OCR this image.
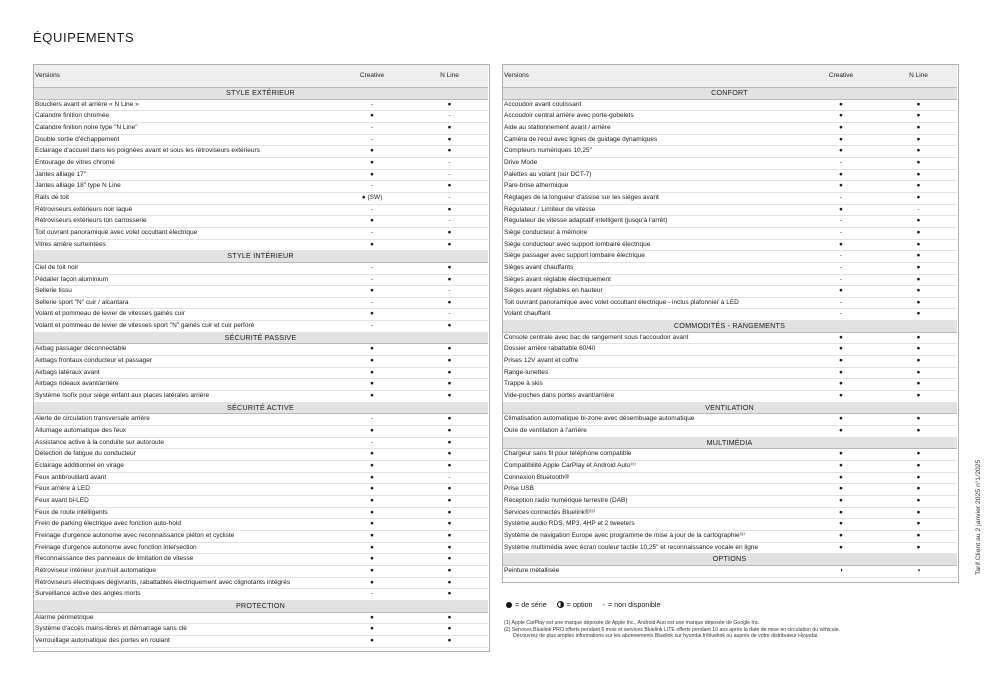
ÉQUIPEMENTS
Versions	Creative	N Line
STYLE EXTÉRIEUR		
Boucliers avant et arrière « N Line »	-	●
Calandre finition chromée	●	-
Calandre finition noire type "N Line"	-	●
Double sortie d'échappement	-	●
Eclairage d'accueil dans les poignées avant et sous les rétroviseurs extérieurs	●	●
Entourage de vitres chromé	●	-
Jantes alliage 17"	●	-
Jantes alliage 18" type N Line	-	●
Rails de toit	● (SW)	-
Rétroviseurs extérieurs noir laqué	-	●
Rétroviseurs extérieurs ton carrosserie	●	-
Toit ouvrant panoramique avec volet occultant électrique	-	●
Vitres arrière surteintées	●	●
STYLE INTÉRIEUR		
Ciel de toit noir	-	●
Pédalier façon aluminium	-	●
Sellerie tissu	●	-
Sellerie sport "N" cuir / alcantara	-	●
Volant et pommeau de levier de vitesses gainés cuir	●	-
Volant et pommeau de levier de vitesses sport "N" gainés cuir et cuir perforé	-	●
SÉCURITÉ PASSIVE		
Airbag passager déconnectable	●	●
Airbags frontaux conducteur et passager	●	●
Airbags latéraux avant	●	●
Airbags rideaux avant/arrière	●	●
Système Isofix pour siège enfant aux places latérales arrière	●	●
SÉCURITÉ ACTIVE		
Alerte de circulation transversale arrière	-	●
Allumage automatique des feux	●	●
Assistance active à la conduite sur autoroute	-	●
Détection de fatigue du conducteur	●	●
Eclairage additionnel en virage	●	●
Feux antibrouillard avant	●	-
Feux arrière à LED	●	●
Feux avant bi-LED	●	●
Feux de route intelligents	●	●
Frein de parking électrique avec fonction auto-hold	●	●
Freinage d'urgence autonome avec reconnaissance piéton et cycliste	●	●
Freinage d'urgence autonome avec fonction intersection	●	●
Reconnaissance des panneaux de limitation de vitesse	●	●
Rétroviseur intérieur jour/nuit automatique	●	●
Rétroviseurs électriques dégivrants, rabattables électriquement avec clignotants intégrés	●	●
Surveillance active des angles morts	-	●
PROTECTION		
Alarme périmétrique	●	●
Système d'accès mains-libres et démarrage sans clé	●	●
Verrouillage automatique des portes en roulant	●	●
Versions	Creative	N Line
CONFORT		
Accoudoir avant coulissant	●	●
Accoudoir central arrière avec porte-gobelets	●	●
Aide au stationnement avant / arrière	●	●
Caméra de recul avec lignes de guidage dynamiques	●	●
Compteurs numériques 10,25"	●	●
Drive Mode	-	●
Palettes au volant (sur DCT-7)	●	●
Pare-brise athermique	●	●
Réglages de la longueur d'assise sur les sièges avant	-	●
Régulateur / Limiteur de vitesse	●	-
Régulateur de vitesse adaptatif intelligent (jusqu'à l'arrêt)	-	●
Siège conducteur à mémoire	-	●
Siège conducteur avec support lombaire électrique	●	●
Siège passager avec support lombaire électrique	-	●
Sièges avant chauffants	-	●
Sièges avant réglable électriquement	-	●
Sièges avant réglables en hauteur	●	●
Toit ouvrant panoramique avec volet occultant électrique - inclus plafonnier à LED	-	●
Volant chauffant	-	●
COMMODITÉS - RANGEMENTS		
Console centrale avec bac de rangement sous l'accoudoir avant	●	●
Dossier arrière rabattable 60/40	●	●
Prises 12V avant et coffre	●	●
Range-lunettes	●	●
Trappe à skis	●	●
Vide-poches dans portes avant/arrière	●	●
VENTILATION		
Climatisation automatique bi-zone avec désembuage automatique	●	●
Ouïe de ventilation à l'arrière	●	●
MULTIMÉDIA		
Chargeur sans fil pour téléphone compatible	●	●
Compatibilité Apple CarPlay et Android Auto⁽¹⁾	●	●
Connexion Bluetooth®	●	●
Prise USB	●	●
Réception radio numérique terrestre (DAB)	●	●
Services connectés Bluelink®⁽²⁾	●	●
Système audio RDS, MP3, 4HP et 2 tweeters	●	●
Système de navigation Europe avec programme de mise à jour de la cartographie⁽³⁾	●	●
Système multimédia avec écran couleur tactile 10,25" et reconnaissance vocale en ligne	●	●
OPTIONS		
Peinture métallisée	◑	◑
= de série	= option - = non disponible
(1) Apple CarPlay est une marque déposée de Apple Inc., Android Auo est une marque déposée de Google Inc.
(2) Services Bluelink PRO offerts pendant 6 mois et services Bluelink LITE offerts pendant 10 ans après la date de mise en circulation du véhicule.
Découvrez de plus amples informations sur les abonnements Bluelink sur hyundai.fr/bluelink ou auprès de votre distributeur Hyundai.
Tarif Client au 2 janvier 2025 n°1/2025
